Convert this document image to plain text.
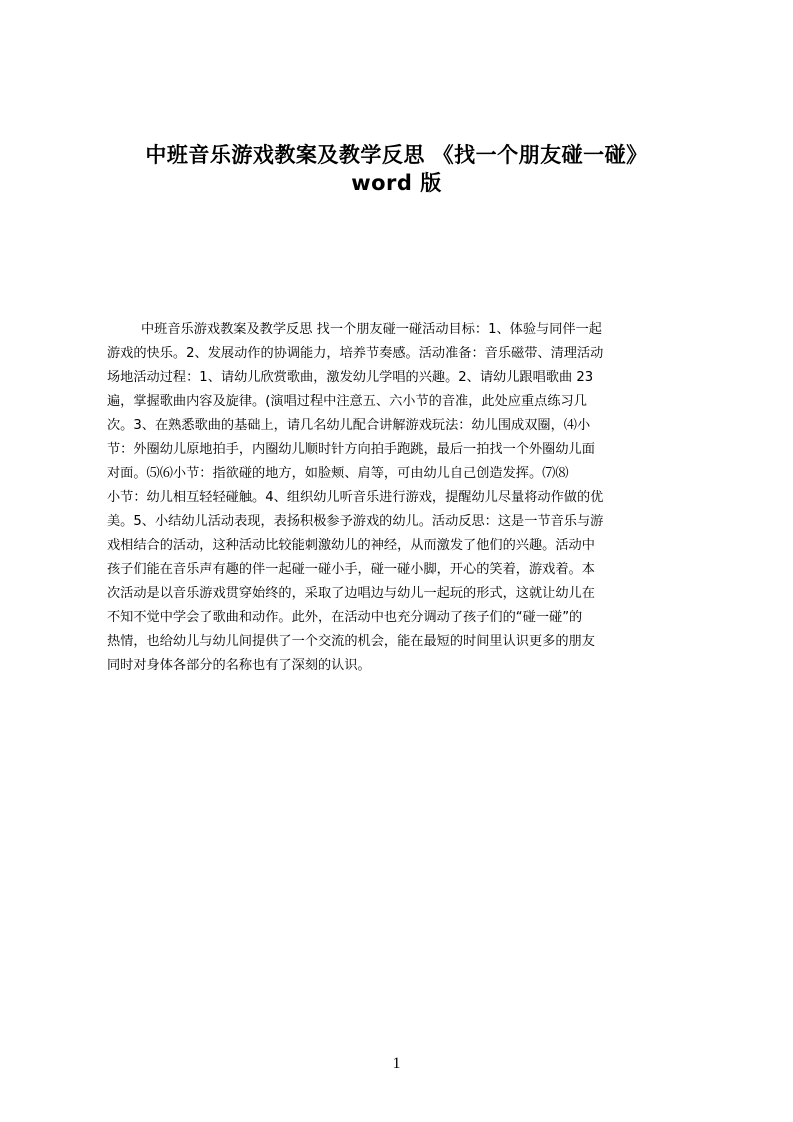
中班音乐游戏教案及教学反思 《找一个朋友碰一碰》
word 版
中班音乐游戏教案及教学反思 找一个朋友碰一碰活动目标：1、体验与同伴一起
游戏的快乐。2、发展动作的协调能力，培养节奏感。活动准备：音乐磁带、清理活动
场地活动过程：1、请幼儿欣赏歌曲，激发幼儿学唱的兴趣。2、请幼儿跟唱歌曲 23
遍，掌握歌曲内容及旋律。(演唱过程中注意五、六小节的音准，此处应重点练习几
次。3、在熟悉歌曲的基础上，请几名幼儿配合讲解游戏玩法：幼儿围成双圈，⑷小
节：外圈幼儿原地拍手，内圈幼儿顺时针方向拍手跑跳，最后一拍找一个外圈幼儿面
对面。⑸⑹小节：指欲碰的地方，如脸颊、肩等，可由幼儿自己创造发挥。⑺⑻
小节：幼儿相互轻轻碰触。4、组织幼儿听音乐进行游戏，提醒幼儿尽量将动作做的优
美。5、小结幼儿活动表现，表扬积极参予游戏的幼儿。活动反思：这是一节音乐与游
戏相结合的活动，这种活动比较能刺激幼儿的神经，从而激发了他们的兴趣。活动中
孩子们能在音乐声有趣的伴一起碰一碰小手，碰一碰小脚，开心的笑着，游戏着。本
次活动是以音乐游戏贯穿始终的，采取了边唱边与幼儿一起玩的形式，这就让幼儿在
不知不觉中学会了歌曲和动作。此外，在活动中也充分调动了孩子们的“碰一碰”的
热情，也给幼儿与幼儿间提供了一个交流的机会，能在最短的时间里认识更多的朋友
同时对身体各部分的名称也有了深刻的认识。
1
